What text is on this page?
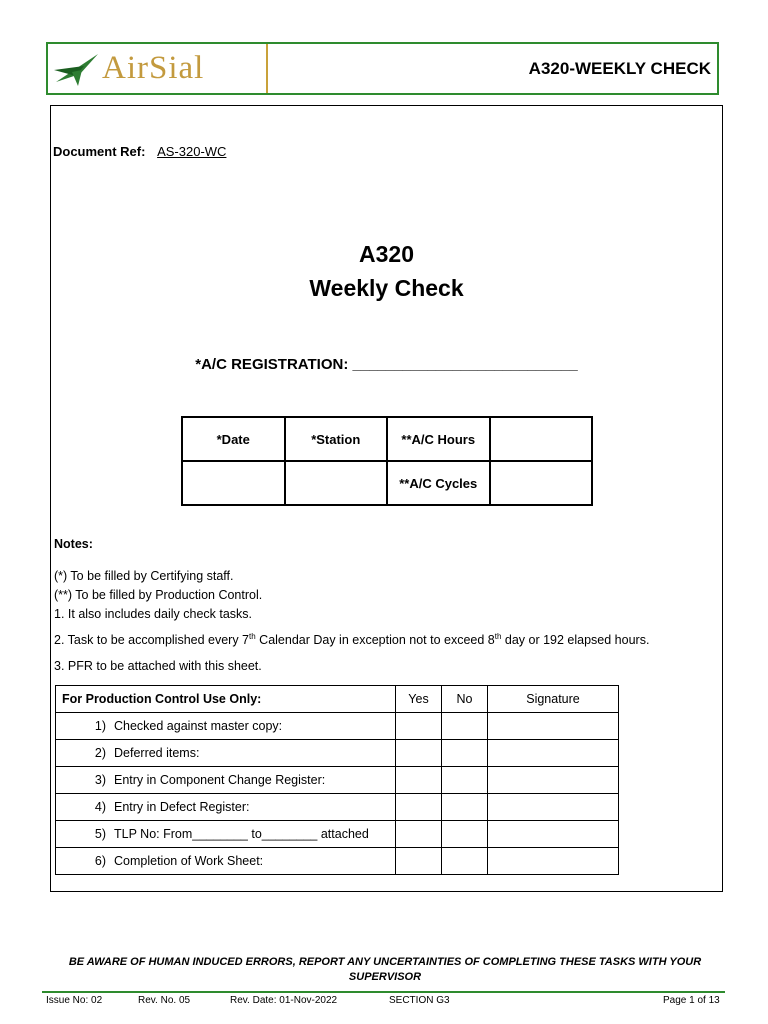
AirSial	A320-WEEKLY CHECK
Document Ref: AS-320-WC
A320
Weekly Check
*A/C REGISTRATION: ___________________________
*Date	*Station	**A/C Hours	
		**A/C Cycles	
Notes:
(*) To be filled by Certifying staff.
(**) To be filled by Production Control.
1. It also includes daily check tasks.
2. Task to be accomplished every 7th Calendar Day in exception not to exceed 8th day or 192 elapsed hours.
3. PFR to be attached with this sheet.
For Production Control Use Only:	Yes	No	Signature
1) Checked against master copy:			
2) Deferred items:			
3) Entry in Component Change Register:			
4) Entry in Defect Register:			
5) TLP No: From________ to________ attached			
6) Completion of Work Sheet:			
BE AWARE OF HUMAN INDUCED ERRORS, REPORT ANY UNCERTAINTIES OF COMPLETING THESE TASKS WITH YOUR SUPERVISOR
Issue No: 02	Rev. No. 05	Rev. Date: 01-Nov-2022	SECTION G3	Page 1 of 13
